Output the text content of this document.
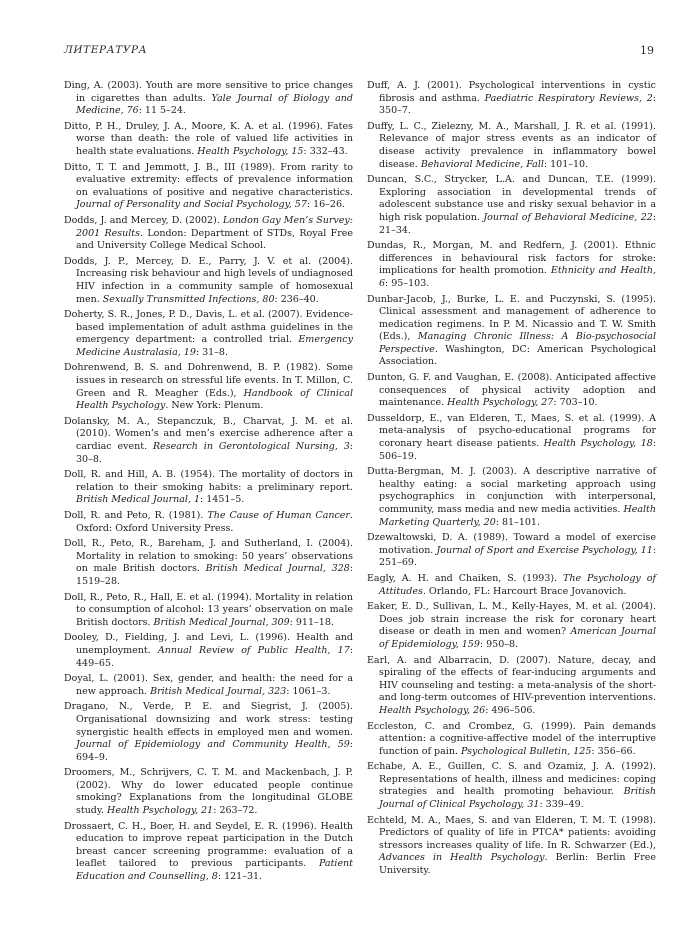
ЛИТЕРАТУРА	19

Ding, A. (2003). Youth are more sensitive to price changes in cigarettes than adults. Yale Journal of Biology and Medicine, 76: 11 5–24.

Ditto, P. H., Druley, J. A., Moore, K. A. et al. (1996). Fates worse than death: the role of valued life activities in health state evaluations. Health Psychology, 15: 332–43.

Ditto, T. T. and Jemmott, J. B., III (1989). From rarity to evaluative extremity: effects of prevalence information on evaluations of positive and negative characteristics. Journal of Personality and Social Psychology, 57: 16–26.

Dodds, J. and Mercey, D. (2002). London Gay Men’s Survey: 2001 Results. London: Department of STDs, Royal Free and University College Medical School.

Dodds, J. P., Mercey, D. E., Parry, J. V. et al. (2004). Increasing risk behaviour and high levels of undiagnosed HIV infection in a community sample of homosexual men. Sexually Transmitted Infections, 80: 236–40.

Doherty, S. R., Jones, P. D., Davis, L. et al. (2007). Evidence-based implementation of adult asthma guidelines in the emergency department: a controlled trial. Emergency Medicine Australasia, 19: 31–8.

Dohrenwend, B. S. and Dohrenwend, B. P. (1982). Some issues in research on stressful life events. In T. Millon, C. Green and R. Meagher (Eds.), Handbook of Clinical Health Psychology. New York: Plenum.

Dolansky, M. A., Stepanczuk, B., Charvat, J. M. et al. (2010). Women’s and men’s exercise adherence after a cardiac event. Research in Gerontological Nursing, 3: 30–8.

Doll, R. and Hill, A. B. (1954). The mortality of doctors in relation to their smoking habits: a preliminary report. British Medical Journal, 1: 1451–5.

Doll, R. and Peto, R. (1981). The Cause of Human Cancer. Oxford: Oxford University Press.

Doll, R., Peto, R., Bareham, J. and Sutherland, I. (2004). Mortality in relation to smoking: 50 years’ observations on male British doctors. British Medical Journal, 328: 1519–28.

Doll, R., Peto, R., Hall, E. et al. (1994). Mortality in relation to consumption of alcohol: 13 years’ observation on male British doctors. British Medical Journal, 309: 911–18.

Dooley, D., Fielding, J. and Levi, L. (1996). Health and unemployment. Annual Review of Public Health, 17: 449–65.

Doyal, L. (2001). Sex, gender, and health: the need for a new approach. British Medical Journal, 323: 1061–3.

Dragano, N., Verde, P. E. and Siegrist, J. (2005). Organisational downsizing and work stress: testing synergistic health effects in employed men and women. Journal of Epidemiology and Community Health, 59: 694–9.

Droomers, M., Schrijvers, C. T. M. and Mackenbach, J. P. (2002). Why do lower educated people continue smoking? Explanations from the longitudinal GLOBE study. Health Psychology, 21: 263–72.

Drossaert, C. H., Boer, H. and Seydel, E. R. (1996). Health education to improve repeat participation in the Dutch breast cancer screening programme: evaluation of a leaflet tailored to previous participants. Patient Education and Counselling, 8: 121–31.

Duff, A. J. (2001). Psychological interventions in cystic fibrosis and asthma. Paediatric Respiratory Reviews, 2: 350–7.

Duffy, L. C., Zielezny, M. A., Marshall, J. R. et al. (1991). Relevance of major stress events as an indicator of disease activity prevalence in inflammatory bowel disease. Behavioral Medicine, Fall: 101–10.

Duncan, S.C., Strycker, L.A. and Duncan, T.E. (1999). Exploring association in developmental trends of adolescent substance use and risky sexual behavior in a high risk population. Journal of Behavioral Medicine, 22: 21–34.

Dundas, R., Morgan, M. and Redfern, J. (2001). Ethnic differences in behavioural risk factors for stroke: implications for health promotion. Ethnicity and Health, 6: 95–103.

Dunbar-Jacob, J., Burke, L. E. and Puczynski, S. (1995). Clinical assessment and management of adherence to medication regimens. In P. M. Nicassio and T. W. Smith (Eds.), Managing Chronic Illness: A Bio-psychosocial Perspective. Washington, DC: American Psychological Association.

Dunton, G. F. and Vaughan, E. (2008). Anticipated affective consequences of physical activity adoption and maintenance. Health Psychology, 27: 703–10.

Dusseldorp, E., van Elderen, T., Maes, S. et al. (1999). A meta-analysis of psycho-educational programs for coronary heart disease patients. Health Psychology, 18: 506–19.

Dutta-Bergman, M. J. (2003). A descriptive narrative of healthy eating: a social marketing approach using psychographics in conjunction with interpersonal, community, mass media and new media activities. Health Marketing Quarterly, 20: 81–101.

Dzewaltowski, D. A. (1989). Toward a model of exercise motivation. Journal of Sport and Exercise Psychology, 11: 251–69.

Eagly, A. H. and Chaiken, S. (1993). The Psychology of Attitudes. Orlando, FL: Harcourt Brace Jovanovich.

Eaker, E. D., Sullivan, L. M., Kelly-Hayes, M. et al. (2004). Does job strain increase the risk for coronary heart disease or death in men and women? American Journal of Epidemiology, 159: 950–8.

Earl, A. and Albarracin, D. (2007). Nature, decay, and spiraling of the effects of fear-inducing arguments and HIV counseling and testing: a meta-analysis of the short- and long-term outcomes of HIV-prevention interventions. Health Psychology, 26: 496–506.

Eccleston, C. and Crombez, G. (1999). Pain demands attention: a cognitive-affective model of the interruptive function of pain. Psychological Bulletin, 125: 356–66.

Echabe, A. E., Guillen, C. S. and Ozamiz, J. A. (1992). Representations of health, illness and medicines: coping strategies and health promoting behaviour. British Journal of Clinical Psychology, 31: 339–49.

Echteld, M. A., Maes, S. and van Elderen, T. M. T. (1998). Predictors of quality of life in PTCA* patients: avoiding stressors increases quality of life. In R. Schwarzer (Ed.), Advances in Health Psychology. Berlin: Berlin Free University.
